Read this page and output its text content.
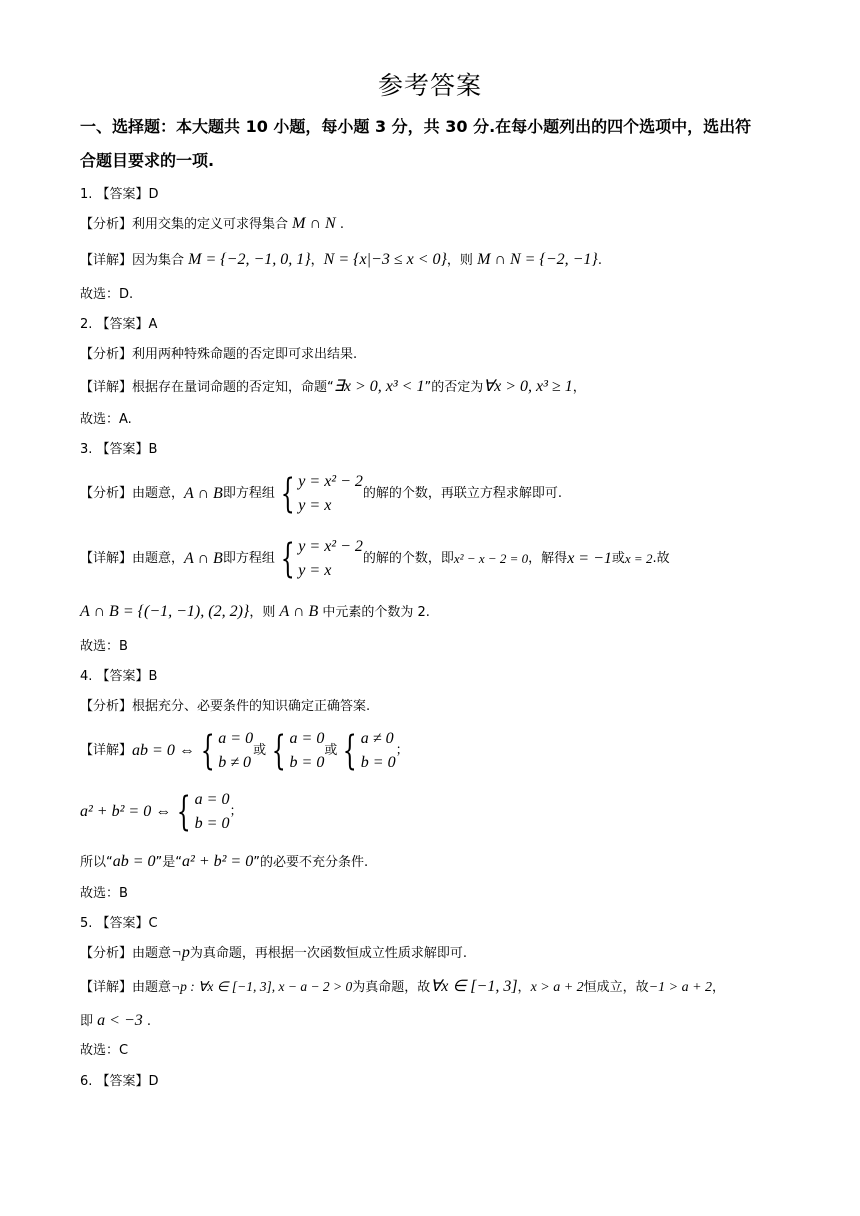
参考答案
一、选择题：本大题共 10 小题，每小题 3 分，共 30 分.在每小题列出的四个选项中，选出符
合题目要求的一项.
1. 【答案】D
【分析】利用交集的定义可求得集合 M ∩ N .
【详解】因为集合 M = {−2, −1, 0, 1}，N = {x|−3 ≤ x < 0}，则 M ∩ N = {−2, −1}.
故选：D.
2. 【答案】A
【分析】利用两种特殊命题的否定即可求出结果.
【详解】根据存在量词命题的否定知，命题“∃x > 0, x³ < 1”的否定为∀x > 0, x³ ≥ 1，
故选：A.
3. 【答案】B
【分析】由题意， A ∩ B 即方程组 { y = x² − 2
y = x
的解的个数，再联立方程求解即可.
【详解】由题意， A ∩ B 即方程组 { y = x² − 2
y = x
的解的个数，即 x² − x − 2 = 0 ，解得 x = −1 或 x = 2 .故
A ∩ B = {(−1, −1), (2, 2)}，则 A ∩ B 中元素的个数为 2.
故选：B
4. 【答案】B
【分析】根据充分、必要条件的知识确定正确答案.
【详解】 ab = 0 ⇔ { a = 0
b ≠ 0
或 { a = 0
b = 0
或 { a ≠ 0
b = 0
；
a² + b² = 0 ⇔ { a = 0
b = 0
；
所以“ab = 0”是“a² + b² = 0”的必要不充分条件.
故选：B
5. 【答案】C
【分析】由题意¬p为真命题，再根据一次函数恒成立性质求解即可.
【详解】由题意¬p : ∀x ∈ [−1, 3], x − a − 2 > 0为真命题，故∀x ∈ [−1, 3]，x > a + 2恒成立，故−1 > a + 2，
即 a < −3 .
故选：C
6. 【答案】D
